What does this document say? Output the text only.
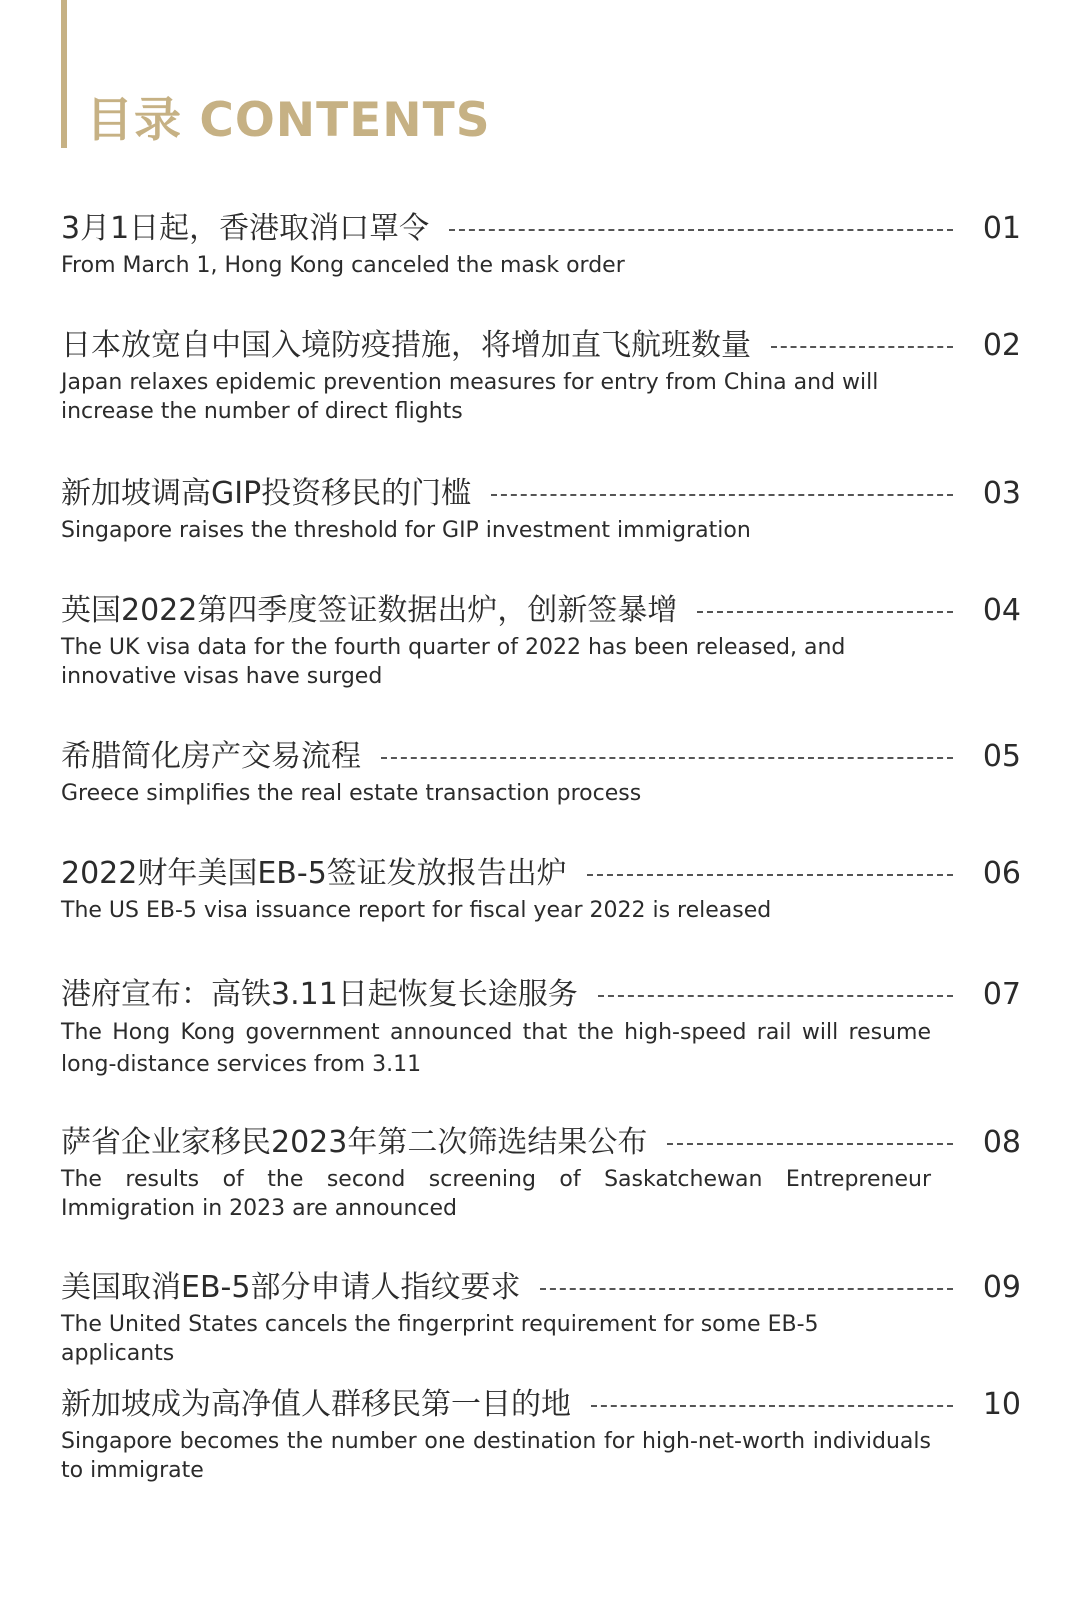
目录 CONTENTS
3月1日起，香港取消口罩令	01

From March 1, Hong Kong canceled the mask order

日本放宽自中国入境防疫措施，将增加直飞航班数量	02

Japan relaxes epidemic prevention measures for entry from China and will increase the number of direct flights

新加坡调高GIP投资移民的门槛	03

Singapore raises the threshold for GIP investment immigration

英国2022第四季度签证数据出炉，创新签暴增	04

The UK visa data for the fourth quarter of 2022 has been released, and innovative visas have surged

希腊简化房产交易流程	05

Greece simplifies the real estate transaction process

2022财年美国EB-5签证发放报告出炉	06

The US EB-5 visa issuance report for fiscal year 2022 is released

港府宣布：高铁3.11日起恢复长途服务	07

The Hong Kong government announced that the high-speed rail will resume long-distance services from 3.11

萨省企业家移民2023年第二次筛选结果公布	08

The results of the second screening of Saskatchewan Entrepreneur Immigration in 2023 are announced

美国取消EB-5部分申请人指纹要求	09

The United States cancels the fingerprint requirement for some EB-5 applicants

新加坡成为高净值人群移民第一目的地	10

Singapore becomes the number one destination for high-net-worth individuals to immigrate
